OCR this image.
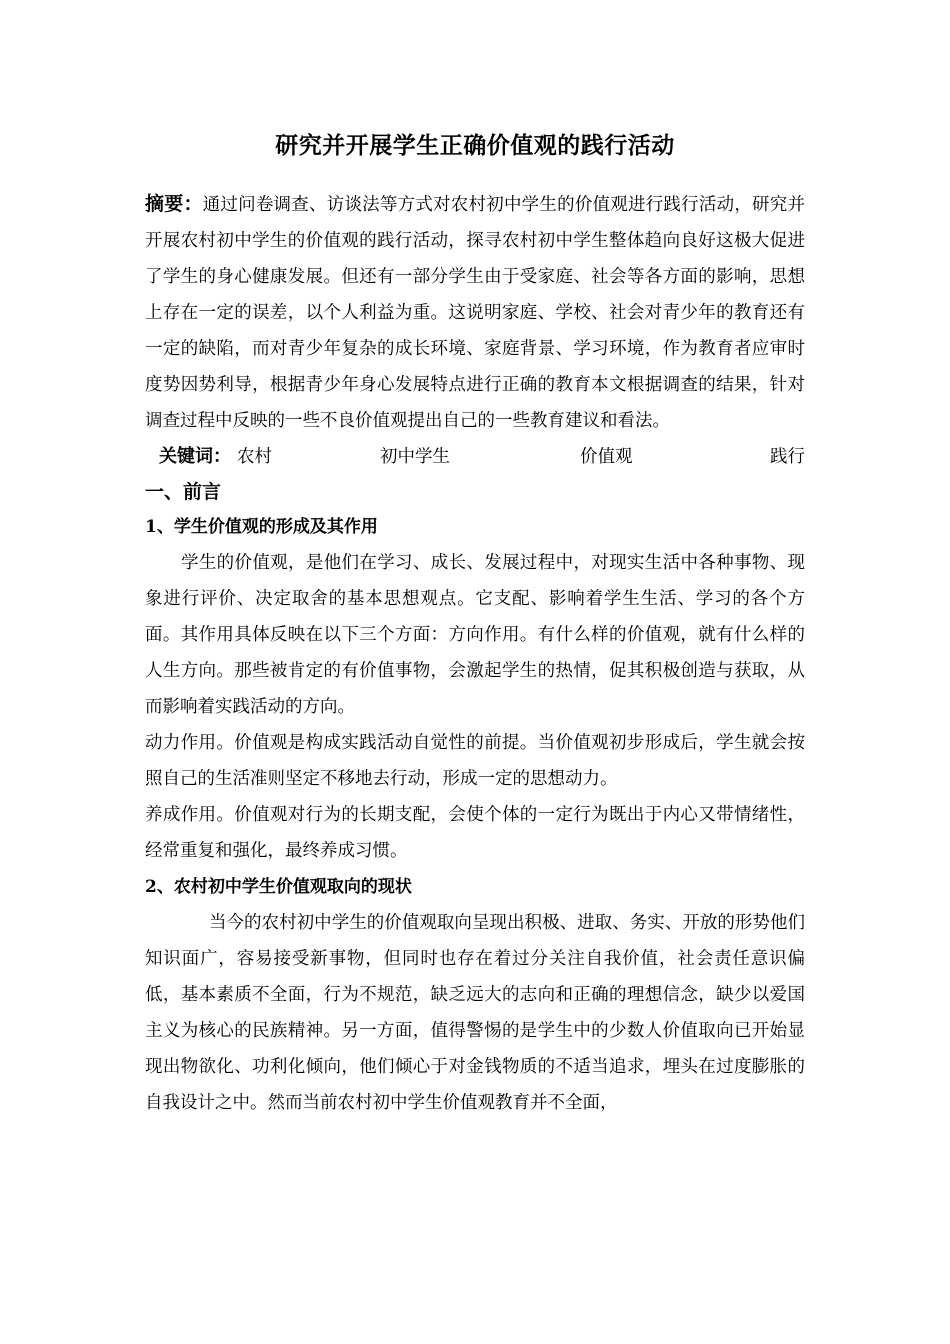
研究并开展学生正确价值观的践行活动

摘要：通过问卷调查、访谈法等方式对农村初中学生的价值观进行践行活动，研究并开展农村初中学生的价值观的践行活动，探寻农村初中学生整体趋向良好这极大促进了学生的身心健康发展。但还有一部分学生由于受家庭、社会等各方面的影响，思想上存在一定的误差，以个人利益为重。这说明家庭、学校、社会对青少年的教育还有一定的缺陷，而对青少年复杂的成长环境、家庭背景、学习环境，作为教育者应审时度势因势利导，根据青少年身心发展特点进行正确的教育本文根据调查的结果，针对调查过程中反映的一些不良价值观提出自己的一些教育建议和看法。

关键词： 农村	初中学生	价值观	践行
一、前言
1、学生价值观的形成及其作用

学生的价值观，是他们在学习、成长、发展过程中，对现实生活中各种事物、现象进行评价、决定取舍的基本思想观点。它支配、影响着学生生活、学习的各个方面。其作用具体反映在以下三个方面：方向作用。有什么样的价值观，就有什么样的人生方向。那些被肯定的有价值事物，会激起学生的热情，促其积极创造与获取，从而影响着实践活动的方向。

动力作用。价值观是构成实践活动自觉性的前提。当价值观初步形成后，学生就会按照自己的生活准则坚定不移地去行动，形成一定的思想动力。

养成作用。价值观对行为的长期支配，会使个体的一定行为既出于内心又带情绪性，经常重复和强化，最终养成习惯。

2、农村初中学生价值观取向的现状

当今的农村初中学生的价值观取向呈现出积极、进取、务实、开放的形势他们知识面广，容易接受新事物，但同时也存在着过分关注自我价值，社会责任意识偏低，基本素质不全面，行为不规范，缺乏远大的志向和正确的理想信念，缺少以爱国主义为核心的民族精神。另一方面，值得警惕的是学生中的少数人价值取向已开始显现出物欲化、功利化倾向，他们倾心于对金钱物质的不适当追求，埋头在过度膨胀的自我设计之中。然而当前农村初中学生价值观教育并不全面，
